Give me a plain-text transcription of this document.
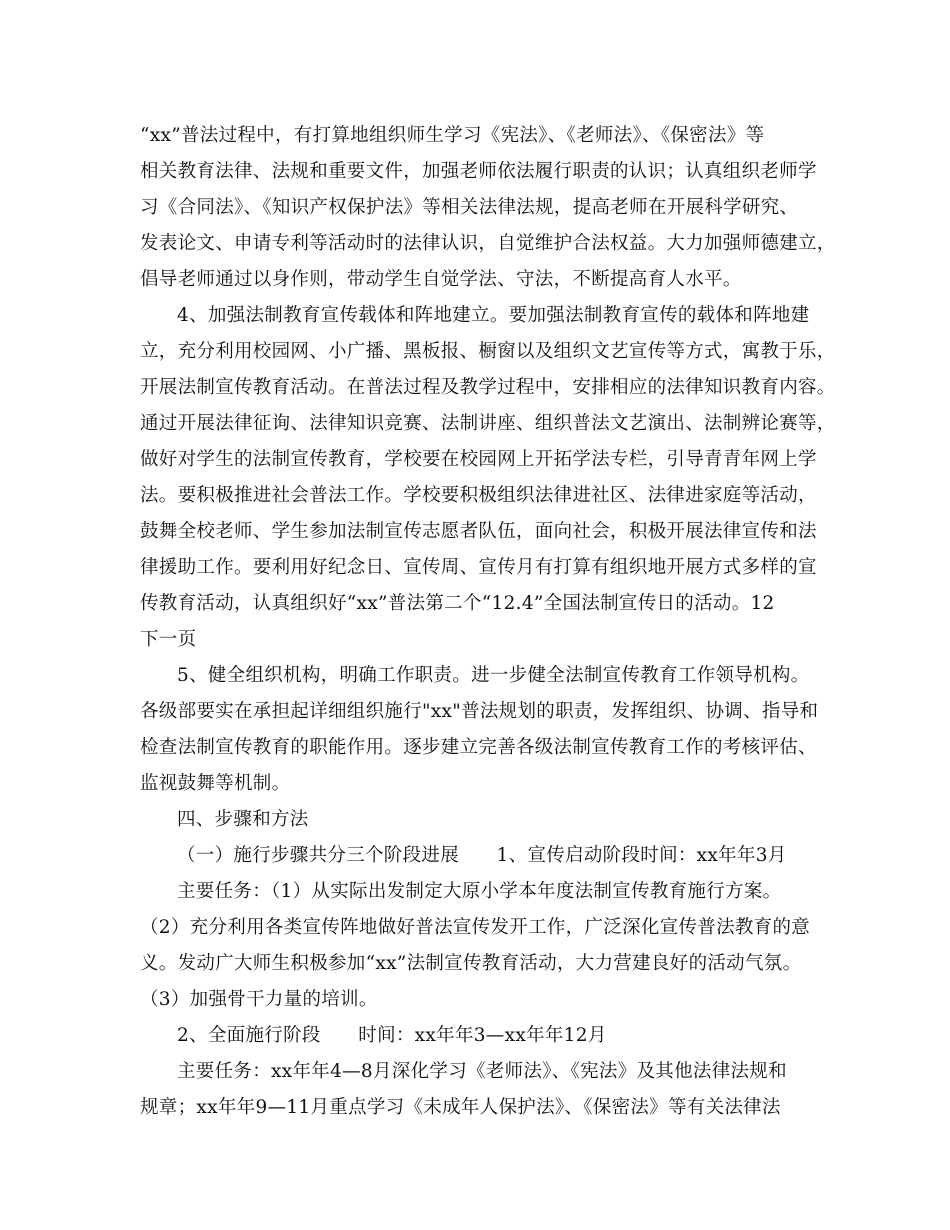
“xx”普法过程中，有打算地组织师生学习《宪法》、《老师法》、《保密法》等
相关教育法律、法规和重要文件，加强老师依法履行职责的认识；认真组织老师学
习《合同法》、《知识产权保护法》等相关法律法规，提高老师在开展科学研究、
发表论文、申请专利等活动时的法律认识，自觉维护合法权益。大力加强师德建立，
倡导老师通过以身作则，带动学生自觉学法、守法，不断提高育人水平。
4、加强法制教育宣传载体和阵地建立。要加强法制教育宣传的载体和阵地建
立，充分利用校园网、小广播、黑板报、橱窗以及组织文艺宣传等方式，寓教于乐，
开展法制宣传教育活动。在普法过程及教学过程中，安排相应的法律知识教育内容。
通过开展法律征询、法律知识竞赛、法制讲座、组织普法文艺演出、法制辨论赛等，
做好对学生的法制宣传教育，学校要在校园网上开拓学法专栏，引导青青年网上学
法。要积极推进社会普法工作。学校要积极组织法律进社区、法律进家庭等活动，
鼓舞全校老师、学生参加法制宣传志愿者队伍，面向社会，积极开展法律宣传和法
律援助工作。要利用好纪念日、宣传周、宣传月有打算有组织地开展方式多样的宣
传教育活动，认真组织好“xx”普法第二个“12.4”全国法制宣传日的活动。12
下一页
5、健全组织机构，明确工作职责。进一步健全法制宣传教育工作领导机构。
各级部要实在承担起详细组织施行"xx"普法规划的职责，发挥组织、协调、指导和
检查法制宣传教育的职能作用。逐步建立完善各级法制宣传教育工作的考核评估、
监视鼓舞等机制。
四、步骤和方法
（一）施行步骤共分三个阶段进展　　1、宣传启动阶段时间：xx年年3月
主要任务：（1）从实际出发制定大原小学本年度法制宣传教育施行方案。
（2）充分利用各类宣传阵地做好普法宣传发开工作，广泛深化宣传普法教育的意
义。发动广大师生积极参加“xx”法制宣传教育活动，大力营建良好的活动气氛。
（3）加强骨干力量的培训。
2、全面施行阶段　　时间：xx年年3—xx年年12月
主要任务：xx年年4—8月深化学习《老师法》、《宪法》及其他法律法规和
规章；xx年年9—11月重点学习《未成年人保护法》、《保密法》等有关法律法
